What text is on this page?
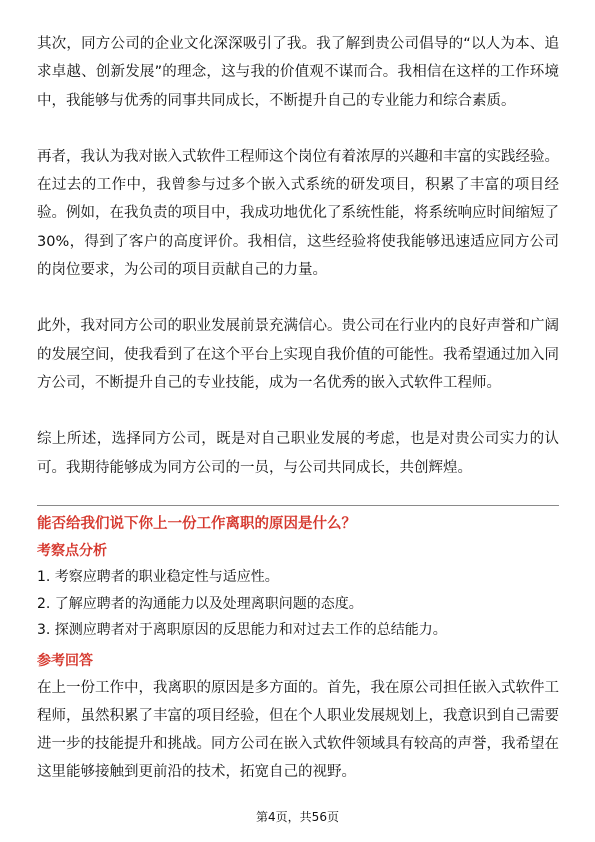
其次，同方公司的企业文化深深吸引了我。我了解到贵公司倡导的“以人为本、追求卓越、创新发展”的理念，这与我的价值观不谋而合。我相信在这样的工作环境中，我能够与优秀的同事共同成长，不断提升自己的专业能力和综合素质。

再者，我认为我对嵌入式软件工程师这个岗位有着浓厚的兴趣和丰富的实践经验。在过去的工作中，我曾参与过多个嵌入式系统的研发项目，积累了丰富的项目经验。例如，在我负责的项目中，我成功地优化了系统性能，将系统响应时间缩短了30%，得到了客户的高度评价。我相信，这些经验将使我能够迅速适应同方公司的岗位要求，为公司的项目贡献自己的力量。

此外，我对同方公司的职业发展前景充满信心。贵公司在行业内的良好声誉和广阔的发展空间，使我看到了在这个平台上实现自我价值的可能性。我希望通过加入同方公司，不断提升自己的专业技能，成为一名优秀的嵌入式软件工程师。

综上所述，选择同方公司，既是对自己职业发展的考虑，也是对贵公司实力的认可。我期待能够成为同方公司的一员，与公司共同成长，共创辉煌。

能否给我们说下你上一份工作离职的原因是什么？

考察点分析

1. 考察应聘者的职业稳定性与适应性。

2. 了解应聘者的沟通能力以及处理离职问题的态度。

3. 探测应聘者对于离职原因的反思能力和对过去工作的总结能力。

参考回答

在上一份工作中，我离职的原因是多方面的。首先，我在原公司担任嵌入式软件工程师，虽然积累了丰富的项目经验，但在个人职业发展规划上，我意识到自己需要进一步的技能提升和挑战。同方公司在嵌入式软件领域具有较高的声誉，我希望在这里能够接触到更前沿的技术，拓宽自己的视野。

第4页，共56页
